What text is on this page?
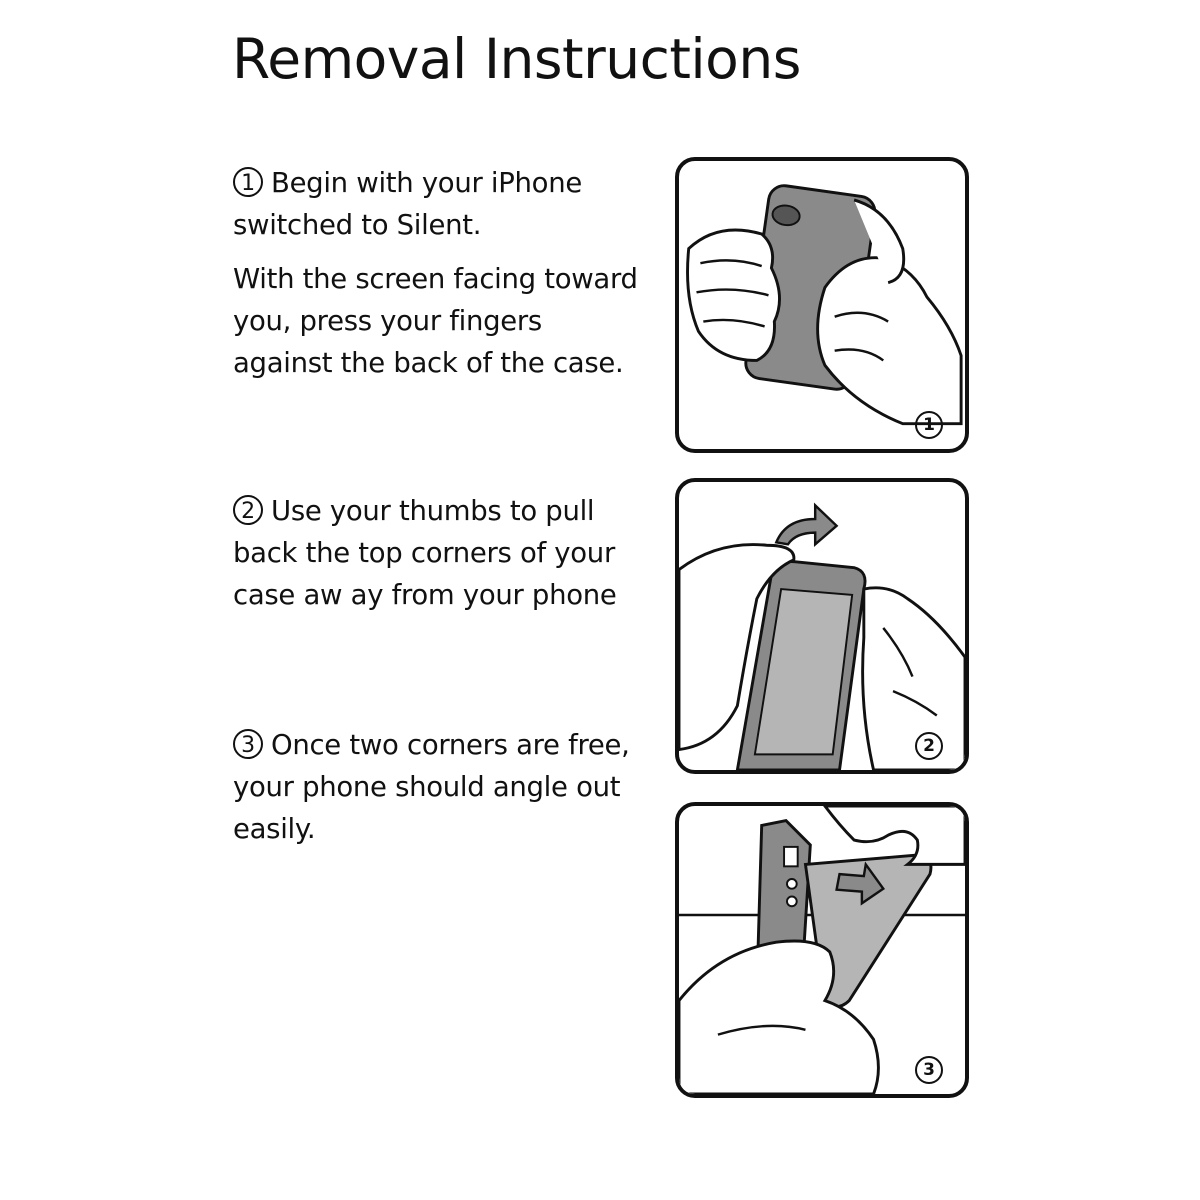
Removal Instructions

1 Begin with your iPhone switched to Silent.

With the screen facing toward you, press your fingers against the back of the case.

2 Use your thumbs to pull back the top corners of your case aw ay from your phone

3 Once two corners are free, your phone should angle out easily.

1
2
3
